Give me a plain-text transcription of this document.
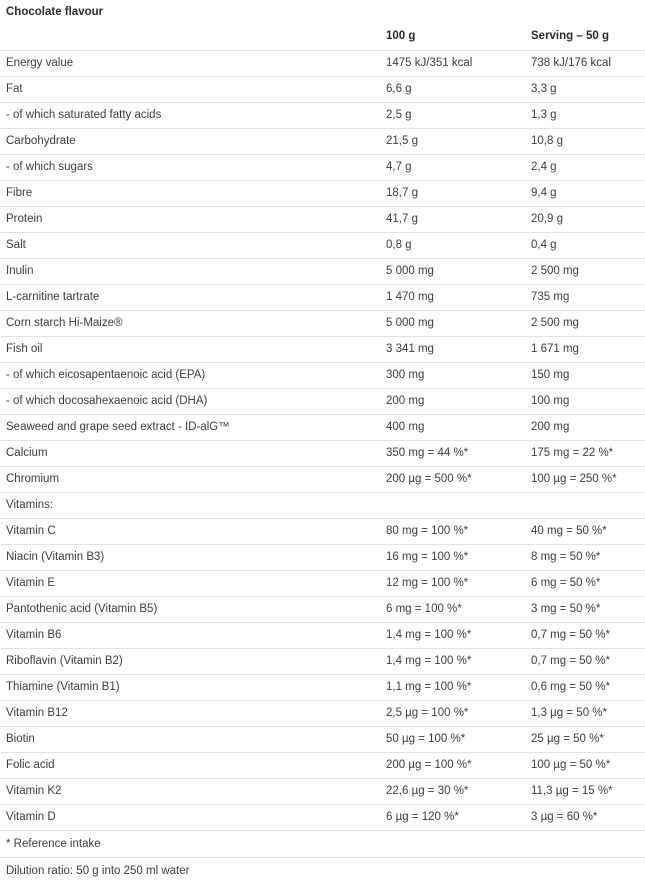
Chocolate flavour
	100 g	Serving – 50 g
Energy value	1475 kJ/351 kcal	738 kJ/176 kcal
Fat	6,6 g	3,3 g
- of which saturated fatty acids	2,5 g	1,3 g
Carbohydrate	21,5 g	10,8 g
- of which sugars	4,7 g	2,4 g
Fibre	18,7 g	9,4 g
Protein	41,7 g	20,9 g
Salt	0,8 g	0,4 g
Inulin	5 000 mg	2 500 mg
L-carnitine tartrate	1 470 mg	735 mg
Corn starch Hi-Maize®	5 000 mg	2 500 mg
Fish oil	3 341 mg	1 671 mg
- of which eicosapentaenoic acid (EPA)	300 mg	150 mg
- of which docosahexaenoic acid (DHA)	200 mg	100 mg
Seaweed and grape seed extract - ID-alG™	400 mg	200 mg
Calcium	350 mg = 44 %*	175 mg = 22 %*
Chromium	200 µg = 500 %*	100 µg = 250 %*
Vitamins:		
Vitamin C	80 mg = 100 %*	40 mg = 50 %*
Niacin (Vitamin B3)	16 mg = 100 %*	8 mg = 50 %*
Vitamin E	12 mg = 100 %*	6 mg = 50 %*
Pantothenic acid (Vitamin B5)	6 mg = 100 %*	3 mg = 50 %*
Vitamin B6	1,4 mg = 100 %*	0,7 mg = 50 %*
Riboflavin (Vitamin B2)	1,4 mg = 100 %*	0,7 mg = 50 %*
Thiamine (Vitamin B1)	1,1 mg = 100 %*	0,6 mg = 50 %*
Vitamin B12	2,5 µg = 100 %*	1,3 µg = 50 %*
Biotin	50 µg = 100 %*	25 µg = 50 %*
Folic acid	200 µg = 100 %*	100 µg = 50 %*
Vitamin K2	22,6 µg = 30 %*	11,3 µg = 15 %*
Vitamin D	6 µg = 120 %*	3 µg = 60 %*
* Reference intake
Dilution ratio: 50 g into 250 ml water
